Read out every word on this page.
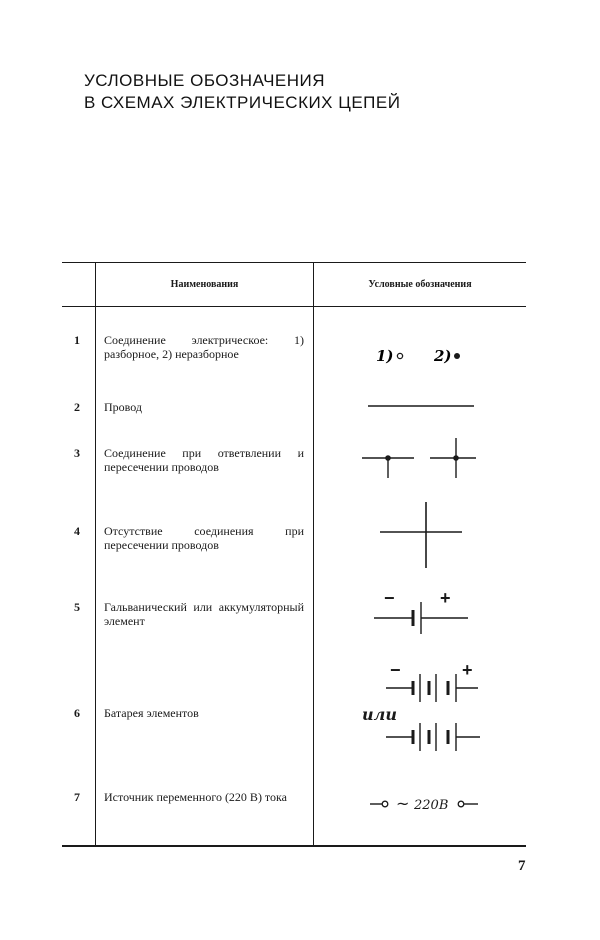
УСЛОВНЫЕ ОБОЗНАЧЕНИЯ
В СХЕМАХ ЭЛЕКТРИЧЕСКИХ ЦЕПЕЙ
Наименования	Условные обозначения
1 Соединение электрическое: 1) разборное, 2) неразборное	1)	2)
2 Провод
3 Соединение при ответвлении и пересечении проводов
4 Отсутствие соединения при пересечении проводов
5 Гальванический или аккумуляторный элемент
−	+
6 Батарея элементов
−	+
или
7 Источник переменного (220 В) тока	~ 220В
7
